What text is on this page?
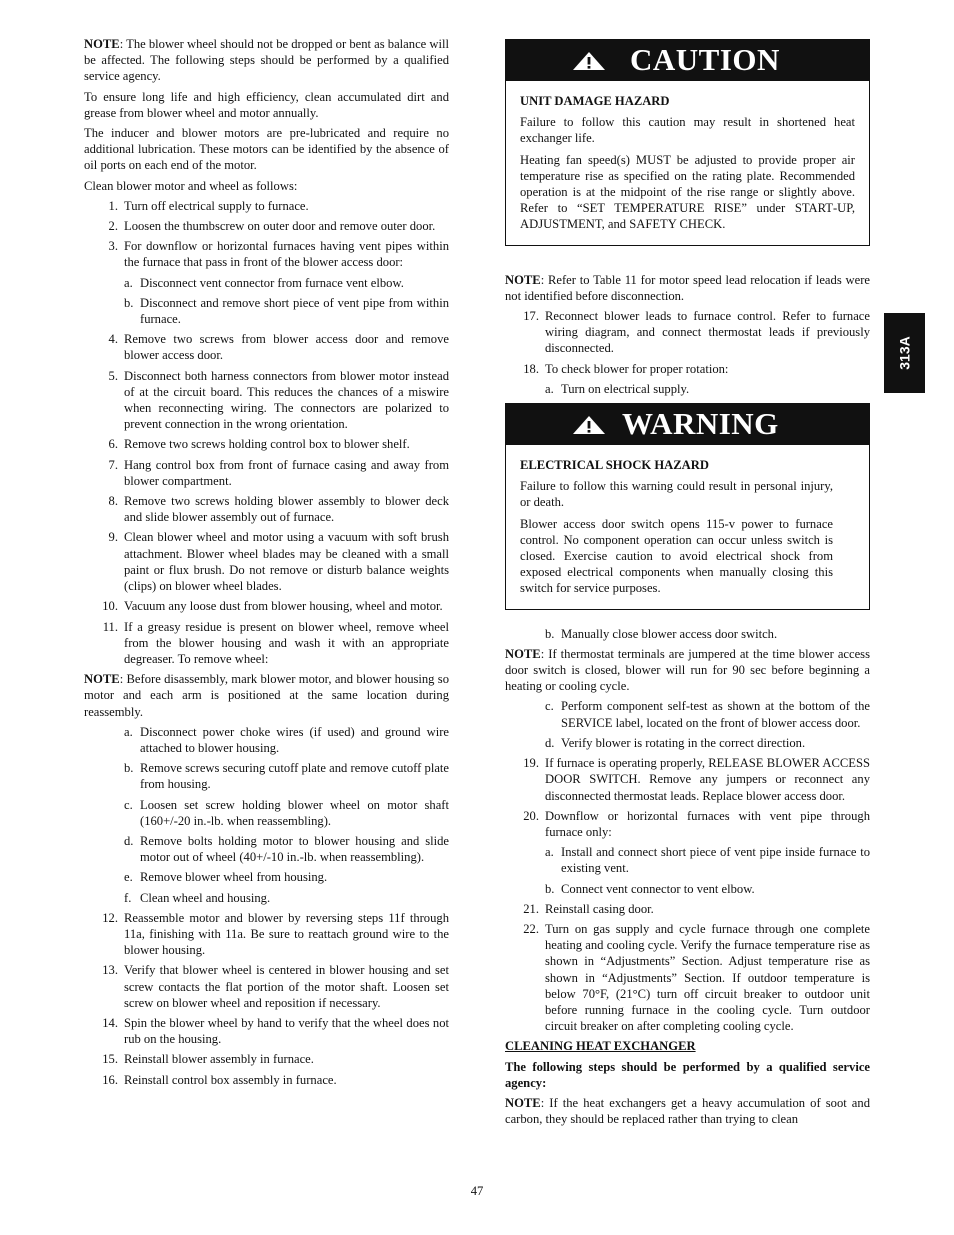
NOTE: The blower wheel should not be dropped or bent as balance will be affected. The following steps should be performed by a qualified service agency.

To ensure long life and high efficiency, clean accumulated dirt and grease from blower wheel and motor annually.

The inducer and blower motors are pre‑lubricated and require no additional lubrication. These motors can be identified by the absence of oil ports on each end of the motor.

Clean blower motor and wheel as follows:

1. Turn off electrical supply to furnace.
2. Loosen the thumbscrew on outer door and remove outer door.
3. For downflow or horizontal furnaces having vent pipes within the furnace that pass in front of the blower access door:
a. Disconnect vent connector from furnace vent elbow.
b. Disconnect and remove short piece of vent pipe from within furnace.
4. Remove two screws from blower access door and remove blower access door.
5. Disconnect both harness connectors from blower motor instead of at the circuit board. This reduces the chances of a miswire when reconnecting wiring. The connectors are polarized to prevent connection in the wrong orientation.
6. Remove two screws holding control box to blower shelf.
7. Hang control box from front of furnace casing and away from blower compartment.
8. Remove two screws holding blower assembly to blower deck and slide blower assembly out of furnace.
9. Clean blower wheel and motor using a vacuum with soft brush attachment. Blower wheel blades may be cleaned with a small paint or flux brush. Do not remove or disturb balance weights (clips) on blower wheel blades.
10. Vacuum any loose dust from blower housing, wheel and motor.
11. If a greasy residue is present on blower wheel, remove wheel from the blower housing and wash it with an appropriate degreaser. To remove wheel:

NOTE: Before disassembly, mark blower motor, and blower housing so motor and each arm is positioned at the same location during reassembly.

a. Disconnect power choke wires (if used) and ground wire attached to blower housing.
b. Remove screws securing cutoff plate and remove cutoff plate from housing.
c. Loosen set screw holding blower wheel on motor shaft (160+/‑20 in.‑lb. when reassembling).
d. Remove bolts holding motor to blower housing and slide motor out of wheel (40+/‑10 in.‑lb. when reassembling).
e. Remove blower wheel from housing.
f. Clean wheel and housing.
12. Reassemble motor and blower by reversing steps 11f through 11a, finishing with 11a. Be sure to reattach ground wire to the blower housing.
13. Verify that blower wheel is centered in blower housing and set screw contacts the flat portion of the motor shaft. Loosen set screw on blower wheel and reposition if necessary.
14. Spin the blower wheel by hand to verify that the wheel does not rub on the housing.
15. Reinstall blower assembly in furnace.
16. Reinstall control box assembly in furnace.
CAUTION

UNIT DAMAGE HAZARD

Failure to follow this caution may result in shortened heat exchanger life.

Heating fan speed(s) MUST be adjusted to provide proper air temperature rise as specified on the rating plate. Recommended operation is at the midpoint of the rise range or slightly above. Refer to “SET TEMPERATURE RISE” under START‑UP, ADJUSTMENT, and SAFETY CHECK.

NOTE: Refer to Table 11 for motor speed lead relocation if leads were not identified before disconnection.

17. Reconnect blower leads to furnace control. Refer to furnace wiring diagram, and connect thermostat leads if previously disconnected.
18. To check blower for proper rotation:
a. Turn on electrical supply.
WARNING

ELECTRICAL SHOCK HAZARD

Failure to follow this warning could result in personal injury, or death.

Blower access door switch opens 115‑v power to furnace control. No component operation can occur unless switch is closed. Exercise caution to avoid electrical shock from exposed electrical components when manually closing this switch for service purposes.

b. Manually close blower access door switch.

NOTE: If thermostat terminals are jumpered at the time blower access door switch is closed, blower will run for 90 sec before beginning a heating or cooling cycle.

c. Perform component self‑test as shown at the bottom of the SERVICE label, located on the front of blower access door.
d. Verify blower is rotating in the correct direction.
19. If furnace is operating properly, RELEASE BLOWER ACCESS DOOR SWITCH. Remove any jumpers or reconnect any disconnected thermostat leads. Replace blower access door.
20. Downflow or horizontal furnaces with vent pipe through furnace only:
a. Install and connect short piece of vent pipe inside furnace to existing vent.
b. Connect vent connector to vent elbow.
21. Reinstall casing door.
22. Turn on gas supply and cycle furnace through one complete heating and cooling cycle. Verify the furnace temperature rise as shown in “Adjustments” Section. Adjust temperature rise as shown in “Adjustments” Section. If outdoor temperature is below 70°F, (21°C) turn off circuit breaker to outdoor unit before running furnace in the cooling cycle. Turn outdoor circuit breaker on after completing cooling cycle.

CLEANING HEAT EXCHANGER

The following steps should be performed by a qualified service agency:

NOTE: If the heat exchangers get a heavy accumulation of soot and carbon, they should be replaced rather than trying to clean

313A
47
